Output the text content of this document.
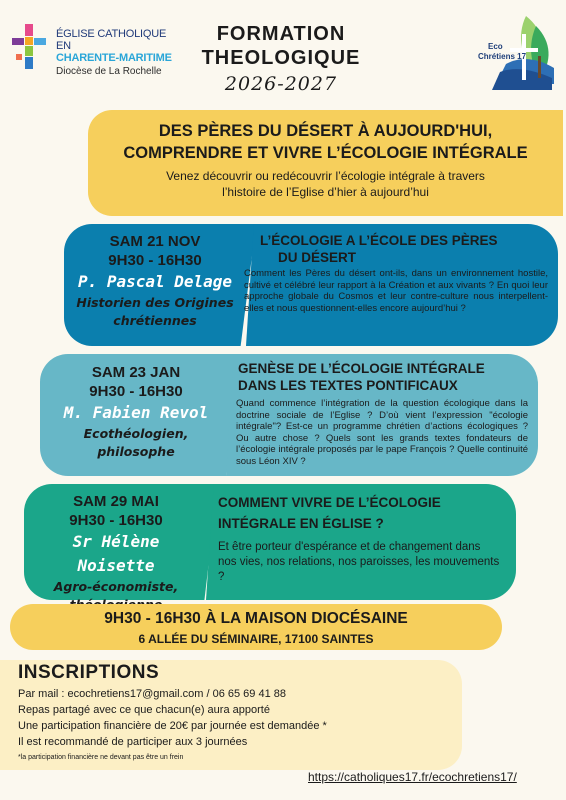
ÉGLISE CATHOLIQUE EN
CHARENTE-MARITIME
Diocèse de La Rochelle
FORMATION
THEOLOGIQUE
2026-2027
Eco
Chrétiens 17
DES PÈRES DU DÉSERT À AUJOURD'HUI,
COMPRENDRE ET VIVRE L’ÉCOLOGIE INTÉGRALE
Venez découvrir ou redécouvrir l’écologie intégrale à travers
l’histoire de l’Eglise d’hier à aujourd’hui
SAM 21 NOV
9H30 - 16H30
P. Pascal Delage
Historien des Origines
chrétiennes
L’ÉCOLOGIE A L’ÉCOLE DES PÈRES
DU DÉSERT
Comment les Pères du désert ont-ils, dans un environnement hostile, cultivé et célébré leur rapport à la Création et aux vivants ? En quoi leur approche globale du Cosmos et leur contre-culture nous interpellent-elles et nous questionnent-elles encore aujourd’hui ?
SAM 23 JAN
9H30 - 16H30
M. Fabien Revol
Ecothéologien,
philosophe
GENÈSE DE L’ÉCOLOGIE INTÉGRALE
DANS LES TEXTES PONTIFICAUX
Quand commence l’intégration de la question écologique dans la doctrine sociale de l’Eglise ? D’où vient l’expression "écologie intégrale"? Est-ce un programme chrétien d’actions écologiques ? Ou autre chose ? Quels sont les grands textes fondateurs de l’écologie intégrale proposés par le pape François ? Quelle continuité sous Léon XIV ?
SAM 29 MAI
9H30 - 16H30
Sr Hélène Noisette
Agro-économiste,
COMMENT VIVRE DE L’ÉCOLOGIE
INTÉGRALE EN ÉGLISE ?
Et être porteur d'espérance et de changement dans nos vies, nos relations, nos paroisses, les mouvements ?
9H30 - 16H30 À LA MAISON DIOCÉSAINE
6 ALLÉE DU SÉMINAIRE, 17100 SAINTES
INSCRIPTIONS
Par mail : ecochretiens17@gmail.com / 06 65 69 41 88
Repas partagé avec ce que chacun(e) aura apporté
Une participation financière de 20€ par journée est demandée *
Il est recommandé de participer aux 3 journées
*la participation financière ne devant pas être un frein
https://catholiques17.fr/ecochretiens17/
